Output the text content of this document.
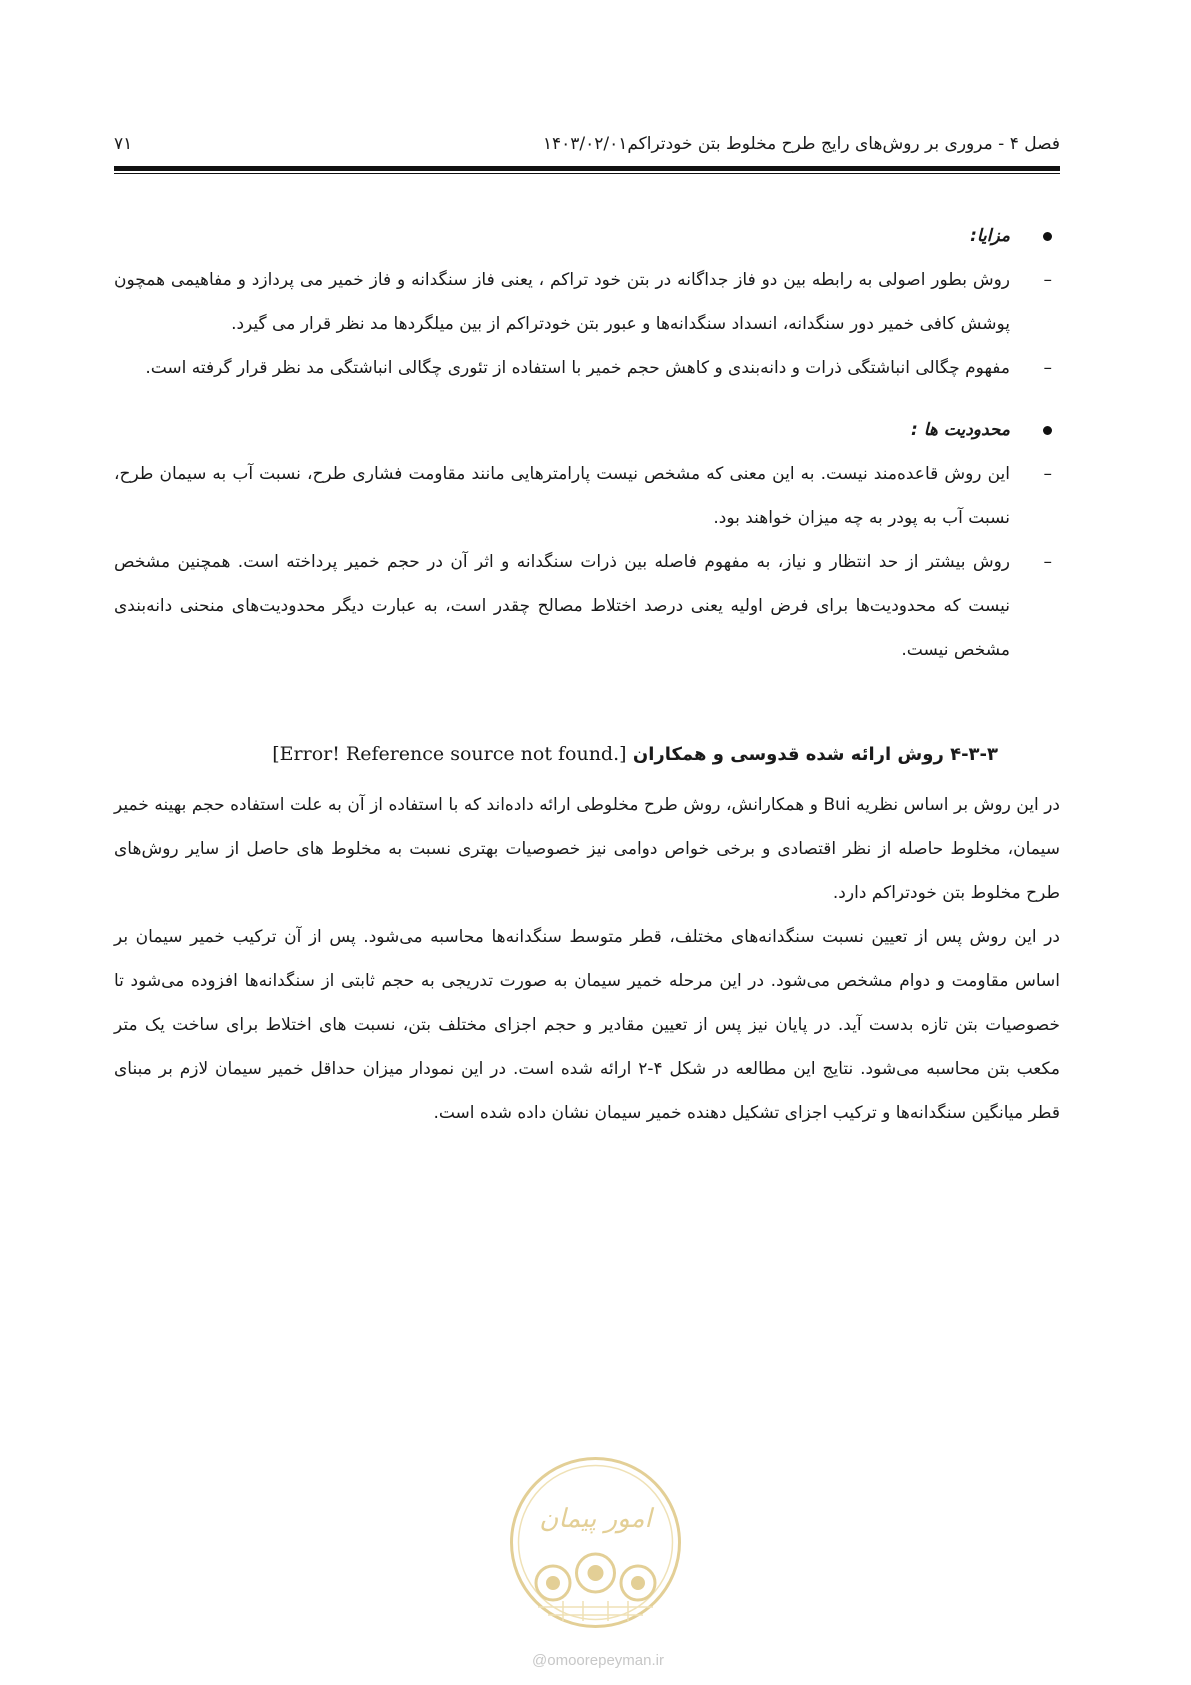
فصل ۴ - مروری بر روش‌های رایج طرح مخلوط بتن خودتراکم۱۴۰۳/۰۲/۰۱
۷۱

مزایا:

–
روش بطور اصولی به رابطه بین دو فاز جداگانه در بتن خود تراکم ، یعنی فاز سنگدانه و فاز خمیر می پردازد و مفاهیمی همچون پوشش کافی خمیر دور سنگدانه، انسداد سنگدانه‌ها و عبور بتن خودتراکم از بین میلگردها مد نظر قرار می گیرد.

–
مفهوم چگالی انباشتگی ذرات و دانه‌بندی و کاهش حجم خمیر با استفاده از تئوری چگالی انباشتگی مد نظر قرار گرفته است.

محدودیت ها :

–
این روش قاعده‌مند نیست. به این معنی که مشخص نیست پارامترهایی مانند مقاومت فشاری طرح، نسبت آب به سیمان طرح، نسبت آب به پودر به چه میزان خواهند بود.

–
روش بیشتر از حد انتظار و نیاز، به مفهوم فاصله بین ذرات سنگدانه و اثر آن در حجم خمیر پرداخته است. همچنین مشخص نیست که محدودیت‌ها برای فرض اولیه یعنی درصد اختلاط مصالح چقدر است، به عبارت دیگر محدودیت‌های منحنی دانه‌بندی مشخص نیست.

۴-۳-۳ روش ارائه شده قدوسی و همکاران [Error! Reference source not found.]

در این روش بر اساس نظریه Bui و همکارانش، روش طرح مخلوطی ارائه داده‌اند که با استفاده از آن به علت استفاده حجم بهینه خمیر سیمان، مخلوط حاصله از نظر اقتصادی و برخی خواص دوامی نیز خصوصیات بهتری نسبت به مخلوط های حاصل از سایر روش‌های طرح مخلوط بتن خودتراکم دارد.

در این روش پس از تعیین نسبت سنگدانه‌های مختلف، قطر متوسط سنگدانه‌ها محاسبه می‌شود. پس از آن ترکیب خمیر سیمان بر اساس مقاومت و دوام مشخص می‌شود. در این مرحله خمیر سیمان به صورت تدریجی به حجم ثابتی از سنگدانه‌ها افزوده می‌شود تا خصوصیات بتن تازه بدست آید. در پایان نیز پس از تعیین مقادیر و حجم اجزای مختلف بتن، نسبت های اختلاط برای ساخت یک متر مکعب بتن محاسبه می‌شود. نتایج این مطالعه در شکل ۴-۲ ارائه شده است. در این نمودار میزان حداقل خمیر سیمان لازم بر مبنای قطر میانگین سنگدانه‌ها و ترکیب اجزای تشکیل دهنده خمیر سیمان نشان داده شده است.

امور پیمان
@omoorepeyman.ir
